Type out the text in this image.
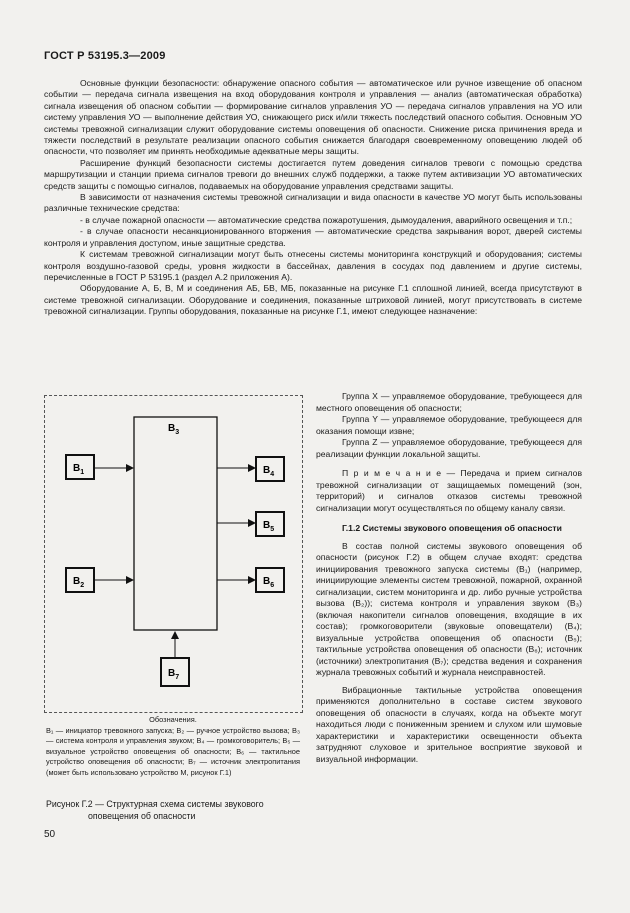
ГОСТ Р 53195.3—2009

Основные функции безопасности: обнаружение опасного события — автоматическое или ручное извещение об опасном событии — передача сигнала извещения на вход оборудования контроля и управления — анализ (автоматическая обработка) сигнала извещения об опасном событии — формирование сигналов управления УО — передача сигналов управления на УО или систему управления УО — выполнение действия УО, снижающего риск и/или тяжесть последствий опасного события. Основным УО системы тревожной сигнализации служит оборудование системы оповещения об опасности. Снижение риска причинения вреда и тяжести последствий в результате реализации опасного события снижается благодаря своевременному оповещению людей об опасности, что позволяет им принять необходимые адекватные меры защиты.

Расширение функций безопасности системы достигается путем доведения сигналов тревоги с помощью средства маршрутизации и станции приема сигналов тревоги до внешних служб поддержки, а также путем активизации УО автоматических средств защиты с помощью сигналов, подаваемых на оборудование управления средствами защиты.

В зависимости от назначения системы тревожной сигнализации и вида опасности в качестве УО могут быть использованы различные технические средства:

- в случае пожарной опасности — автоматические средства пожаротушения, дымоудаления, аварийного освещения и т.п.;

- в случае опасности несанкционированного вторжения — автоматические средства закрывания ворот, дверей системы контроля и управления доступом, иные защитные средства.

К системам тревожной сигнализации могут быть отнесены системы мониторинга конструкций и оборудования; системы контроля воздушно-газовой среды, уровня жидкости в бассейнах, давления в сосудах под давлением и другие системы, перечисленные в ГОСТ Р 53195.1 (раздел А.2 приложения А).

Оборудование А, Б, В, М и соединения АБ, БВ, МБ, показанные на рисунке Г.1 сплошной линией, всегда присутствуют в системе тревожной сигнализации. Оборудование и соединения, показанные штриховой линией, могут присутствовать в системе тревожной сигнализации. Группы оборудования, показанные на рисунке Г.1, имеют следующее назначение:

$B_3$
$B_1$
$B_2$
$B_4$
$B_5$
$B_6$
$B_7$
Обозначения.
B₁ — инициатор тревожного запуска; B₂ — ручное устройство вызова; B₃ — система контроля и управления звуком; B₄ — громкоговоритель; B₅ — визуальное устройство оповещения об опасности; B₆ — тактильное устройство оповещения об опасности; B₇ — источник электропитания (может быть использовано устройство М, рисунок Г.1)
Рисунок Г.2 — Структурная схема системы звукового
оповещения об опасности

Группа X — управляемое оборудование, требующееся для местного оповещения об опасности;

Группа Y — управляемое оборудование, требующееся для оказания помощи извне;

Группа Z — управляемое оборудование, требующееся для реализации функции локальной защиты.

П р и м е ч а н и е — Передача и прием сигналов тревожной сигнализации от защищаемых помещений (зон, территорий) и сигналов отказов системы тревожной сигнализации могут осуществляться по общему каналу связи.

Г.1.2 Системы звукового оповещения об опасности

В состав полной системы звукового оповещения об опасности (рисунок Г.2) в общем случае входят: средства инициирования тревожного запуска системы (B₁) (например, инициирующие элементы систем тревожной, пожарной, охранной сигнализации, систем мониторинга и др. либо ручные устройства вызова (B₂)); система контроля и управления звуком (B₃) (включая накопители сигналов оповещения, входящие в их состав); громкоговорители (звуковые оповещатели) (B₄); визуальные устройства оповещения об опасности (B₅); тактильные устройства оповещения об опасности (B₆); источник (источники) электропитания (B₇); средства ведения и сохранения журнала тревожных событий и журнала неисправностей.

Вибрационные тактильные устройства оповещения применяются дополнительно в составе систем звукового оповещения об опасности в случаях, когда на объекте могут находиться люди с пониженным зрением и слухом или шумовые характеристики и характеристики освещенности объекта затрудняют слуховое и зрительное восприятие звуковой и визуальной информации.

50
